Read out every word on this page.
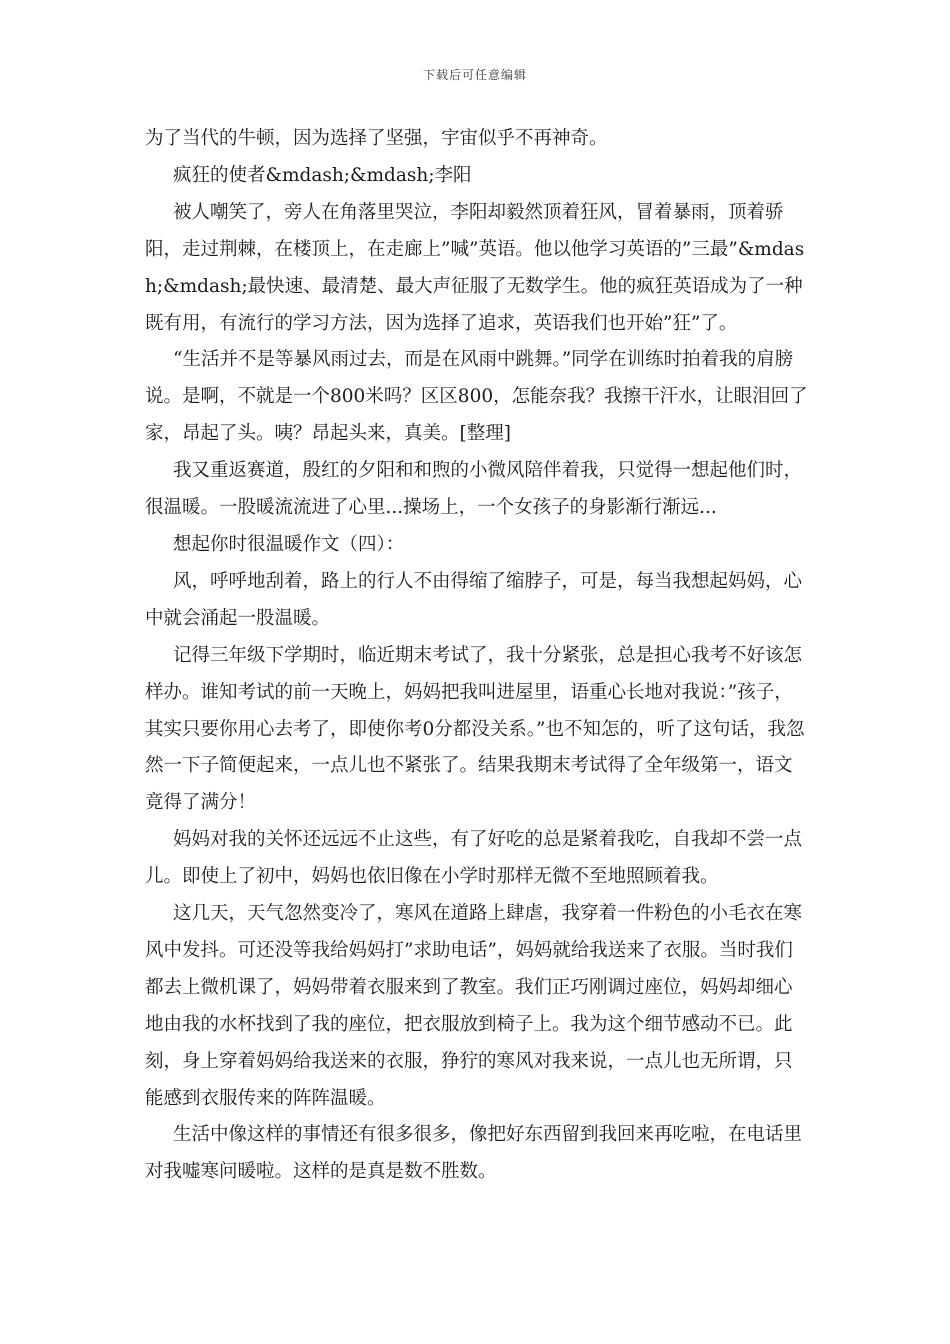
下载后可任意编辑

为了当代的牛顿，因为选择了坚强，宇宙似乎不再神奇。

疯狂的使者&mdash;&mdash;李阳

被人嘲笑了，旁人在角落里哭泣，李阳却毅然顶着狂风，冒着暴雨，顶着骄阳，走过荆棘，在楼顶上，在走廊上”喊”英语。他以他学习英语的”三最”&mdash;&mdash;最快速、最清楚、最大声征服了无数学生。他的疯狂英语成为了一种既有用，有流行的学习方法，因为选择了追求，英语我们也开始”狂”了。

“生活并不是等暴风雨过去，而是在风雨中跳舞。”同学在训练时拍着我的肩膀说。是啊，不就是一个800米吗？区区800，怎能奈我？我擦干汗水，让眼泪回了家，昂起了头。咦？昂起头来，真美。[整理]

我又重返赛道，殷红的夕阳和和煦的小微风陪伴着我，只觉得一想起他们时，很温暖。一股暖流流进了心里...操场上，一个女孩子的身影渐行渐远...

想起你时很温暖作文（四）：

风，呼呼地刮着，路上的行人不由得缩了缩脖子，可是，每当我想起妈妈，心中就会涌起一股温暖。

记得三年级下学期时，临近期末考试了，我十分紧张，总是担心我考不好该怎样办。谁知考试的前一天晚上，妈妈把我叫进屋里，语重心长地对我说：”孩子，其实只要你用心去考了，即使你考0分都没关系。”也不知怎的，听了这句话，我忽然一下子简便起来，一点儿也不紧张了。结果我期末考试得了全年级第一，语文竟得了满分！

妈妈对我的关怀还远远不止这些，有了好吃的总是紧着我吃，自我却不尝一点儿。即使上了初中，妈妈也依旧像在小学时那样无微不至地照顾着我。

这几天，天气忽然变冷了，寒风在道路上肆虐，我穿着一件粉色的小毛衣在寒风中发抖。可还没等我给妈妈打”求助电话”，妈妈就给我送来了衣服。当时我们都去上微机课了，妈妈带着衣服来到了教室。我们正巧刚调过座位，妈妈却细心地由我的水杯找到了我的座位，把衣服放到椅子上。我为这个细节感动不已。此刻，身上穿着妈妈给我送来的衣服，狰狞的寒风对我来说，一点儿也无所谓，只能感到衣服传来的阵阵温暖。

生活中像这样的事情还有很多很多，像把好东西留到我回来再吃啦，在电话里对我嘘寒问暖啦。这样的是真是数不胜数。
